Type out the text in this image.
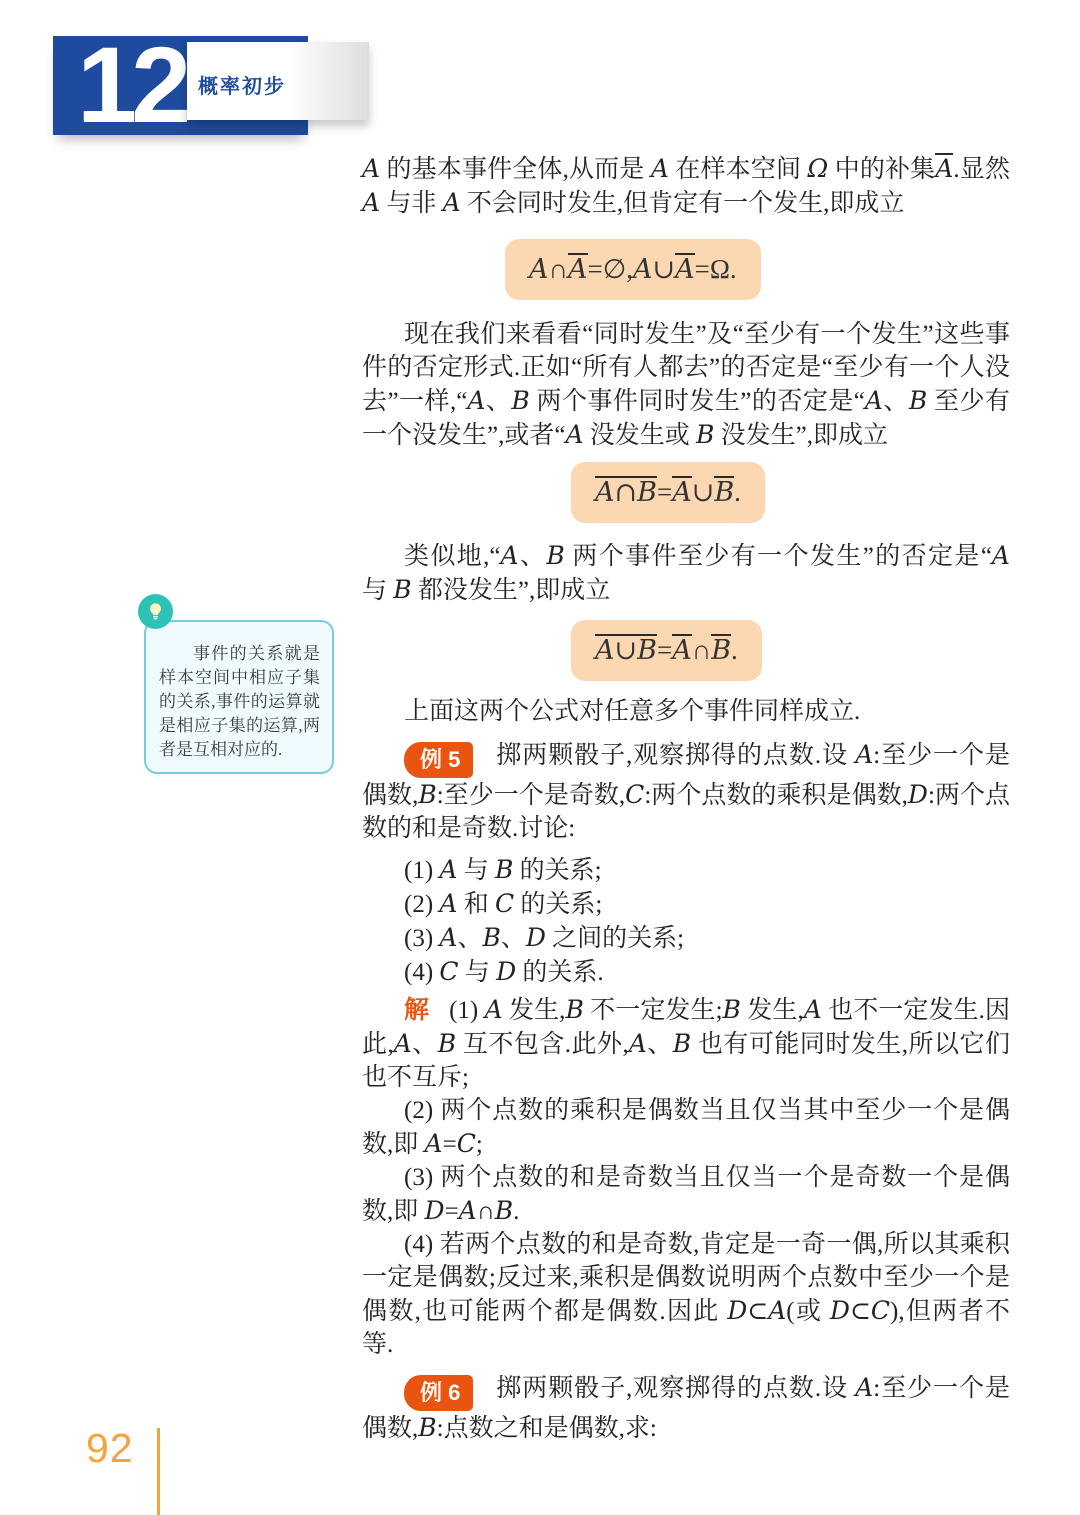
12 概率初步

事件的关系就是样本空间中相应子集的关系,事件的运算就是相应子集的运算,两者是互相对应的.

A 的基本事件全体,从而是 A 在样本空间 Ω 中的补集A.显然 A 与非 A 不会同时发生,但肯定有一个发生,即成立

A∩A=∅,A∪A=Ω.

现在我们来看看“同时发生”及“至少有一个发生”这些事件的否定形式.正如“所有人都去”的否定是“至少有一个人没去”一样,“A、B 两个事件同时发生”的否定是“A、B 至少有一个没发生”,或者“A 没发生或 B 没发生”,即成立

A∩B=A∪B.

类似地,“A、B 两个事件至少有一个发生”的否定是“A 与 B 都没发生”,即成立

A∪B=A∩B.

上面这两个公式对任意多个事件同样成立.

例 5 掷两颗骰子,观察掷得的点数.设 A:至少一个是偶数,B:至少一个是奇数,C:两个点数的乘积是偶数,D:两个点数的和是奇数.讨论:

(1) A 与 B 的关系;

(2) A 和 C 的关系;

(3) A、B、D 之间的关系;

(4) C 与 D 的关系.

解 (1) A 发生,B 不一定发生;B 发生,A 也不一定发生.因此,A、B 互不包含.此外,A、B 也有可能同时发生,所以它们也不互斥;

(2) 两个点数的乘积是偶数当且仅当其中至少一个是偶数,即 A=C;

(3) 两个点数的和是奇数当且仅当一个是奇数一个是偶数,即 D=A∩B.

(4) 若两个点数的和是奇数,肯定是一奇一偶,所以其乘积一定是偶数;反过来,乘积是偶数说明两个点数中至少一个是偶数,也可能两个都是偶数.因此 D⊂A(或 D⊂C),但两者不等.

例 6 掷两颗骰子,观察掷得的点数.设 A:至少一个是偶数,B:点数之和是偶数,求:

92
